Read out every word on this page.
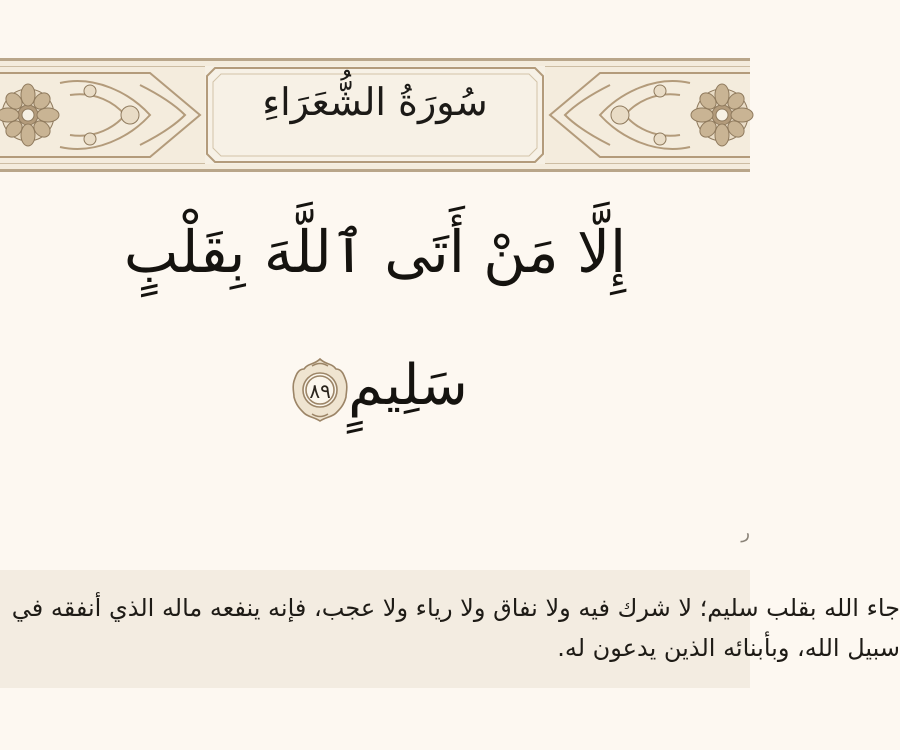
سُورَةُ الشُّعَرَاءِ
إِلَّا مَنْ أَتَى ٱللَّهَ بِقَلْبٍ
سَلِيمٍ
٨٩
ر

جاء الله بقلب سليم؛ لا شرك فيه ولا نفاق ولا رياء ولا عجب، فإنه ينفعه ماله الذي أنفقه في سبيل الله، وبأبنائه الذين يدعون له.
